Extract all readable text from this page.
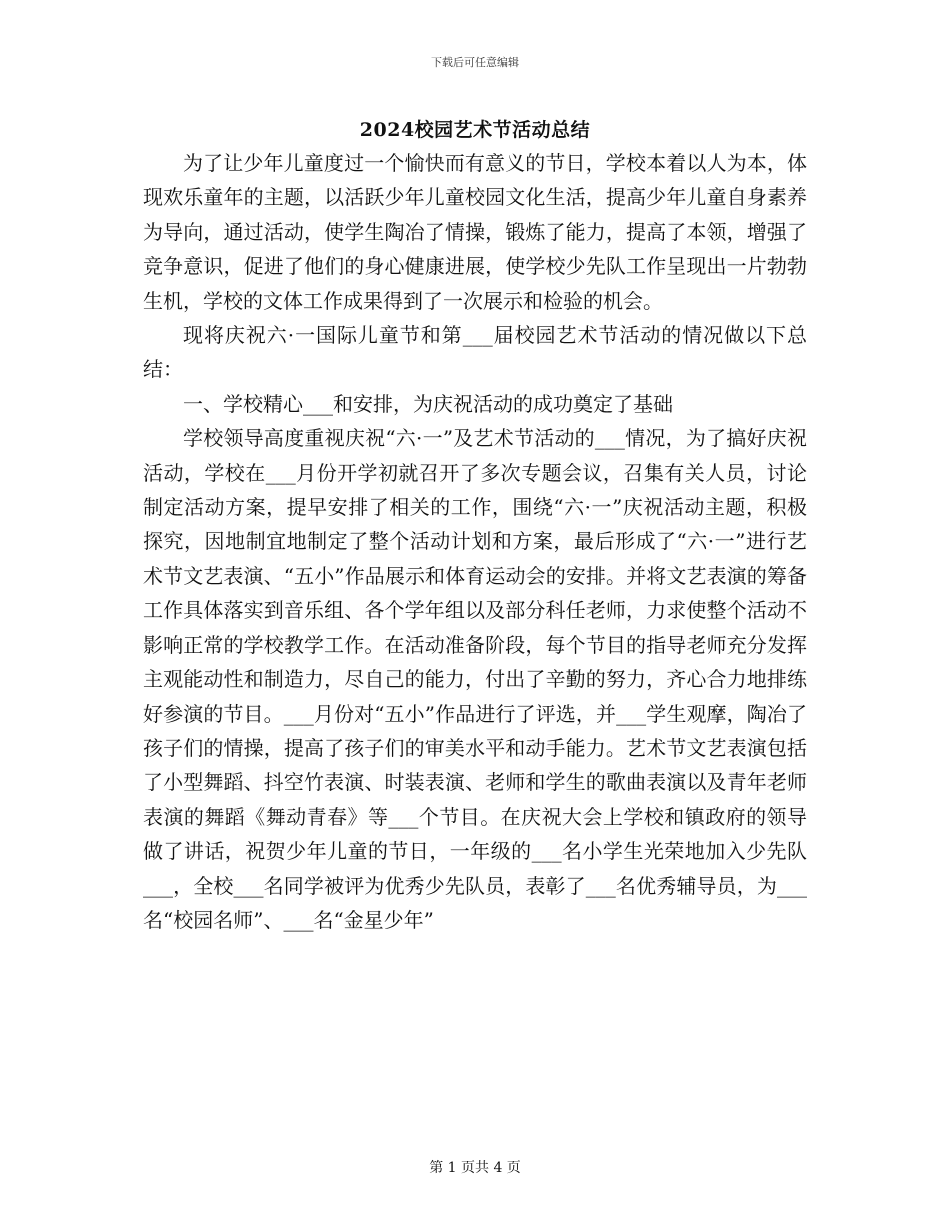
下载后可任意编辑
2024校园艺术节活动总结

为了让少年儿童度过一个愉快而有意义的节日，学校本着以人为本，体现欢乐童年的主题，以活跃少年儿童校园文化生活，提高少年儿童自身素养为导向，通过活动，使学生陶冶了情操，锻炼了能力，提高了本领，增强了竞争意识，促进了他们的身心健康进展，使学校少先队工作呈现出一片勃勃生机，学校的文体工作成果得到了一次展示和检验的机会。

现将庆祝六·一国际儿童节和第___届校园艺术节活动的情况做以下总结：

一、学校精心___和安排，为庆祝活动的成功奠定了基础

学校领导高度重视庆祝“六·一”及艺术节活动的___情况，为了搞好庆祝活动，学校在___月份开学初就召开了多次专题会议，召集有关人员，讨论制定活动方案，提早安排了相关的工作，围绕“六·一”庆祝活动主题，积极探究，因地制宜地制定了整个活动计划和方案，最后形成了“六·一”进行艺术节文艺表演、“五小”作品展示和体育运动会的安排。并将文艺表演的筹备工作具体落实到音乐组、各个学年组以及部分科任老师，力求使整个活动不影响正常的学校教学工作。在活动准备阶段，每个节目的指导老师充分发挥主观能动性和制造力，尽自己的能力，付出了辛勤的努力，齐心合力地排练好参演的节目。___月份对“五小”作品进行了评选，并___学生观摩，陶冶了孩子们的情操，提高了孩子们的审美水平和动手能力。艺术节文艺表演包括了小型舞蹈、抖空竹表演、时装表演、老师和学生的歌曲表演以及青年老师表演的舞蹈《舞动青春》等___个节目。在庆祝大会上学校和镇政府的领导做了讲话，祝贺少年儿童的节日，一年级的___名小学生光荣地加入少先队___，全校___名同学被评为优秀少先队员，表彰了___名优秀辅导员，为___名“校园名师”、___名“金星少年”

第 1 页共 4 页
